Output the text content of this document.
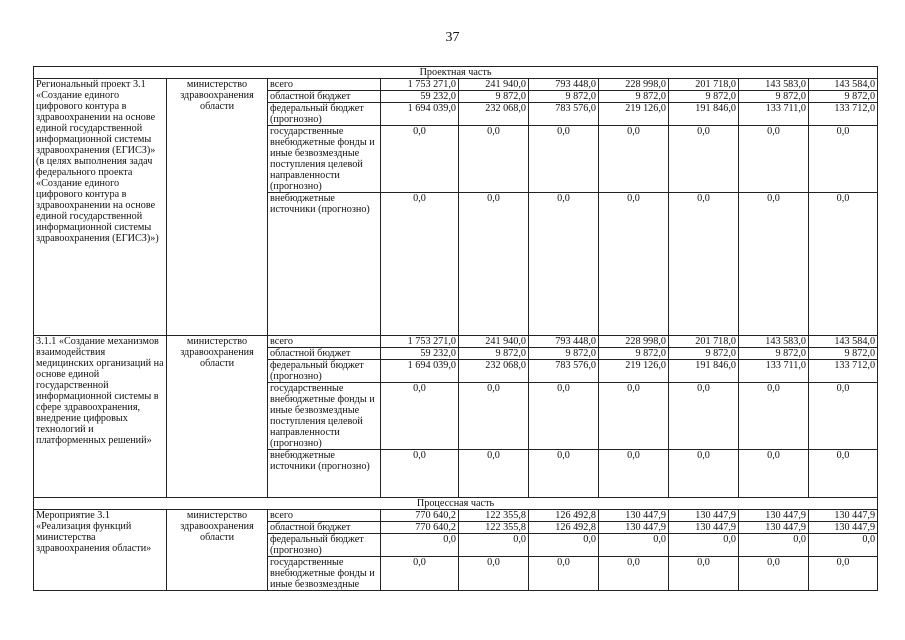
37
Проектная часть									
Региональный проект 3.1 «Создание единого цифрового контура в здравоохранении на основе единой государственной информационной системы здравоохранения (ЕГИСЗ)» (в целях выполнения задач федерального проекта «Создание единого цифрового контура в здравоохранении на основе единой государственной информационной системы здравоохранения (ЕГИСЗ)»)	министерство здравоохранения области	всего	1 753 271,0	241 940,0	793 448,0	228 998,0	201 718,0	143 583,0	143 584,0
		областной бюджет	59 232,0	9 872,0	9 872,0	9 872,0	9 872,0	9 872,0	9 872,0
		федеральный бюджет (прогнозно)	1 694 039,0	232 068,0	783 576,0	219 126,0	191 846,0	133 711,0	133 712,0
		государственные внебюджетные фонды и иные безвозмездные поступления целевой направленности (прогнозно)	0,0	0,0	0,0	0,0	0,0	0,0	0,0
		внебюджетные источники (прогнозно)	0,0	0,0	0,0	0,0	0,0	0,0	0,0
3.1.1 «Создание механизмов взаимодействия медицинских организаций на основе единой государственной информационной системы в сфере здравоохранения, внедрение цифровых технологий и платформенных решений»	министерство здравоохранения области	всего	1 753 271,0	241 940,0	793 448,0	228 998,0	201 718,0	143 583,0	143 584,0
		областной бюджет	59 232,0	9 872,0	9 872,0	9 872,0	9 872,0	9 872,0	9 872,0
		федеральный бюджет (прогнозно)	1 694 039,0	232 068,0	783 576,0	219 126,0	191 846,0	133 711,0	133 712,0
		государственные внебюджетные фонды и иные безвозмездные поступления целевой направленности (прогнозно)	0,0	0,0	0,0	0,0	0,0	0,0	0,0
		внебюджетные источники (прогнозно)	0,0	0,0	0,0	0,0	0,0	0,0	0,0
Процессная часть									
Мероприятие 3.1 «Реализация функций министерства здравоохранения области»	министерство здравоохранения области	всего	770 640,2	122 355,8	126 492,8	130 447,9	130 447,9	130 447,9	130 447,9
		областной бюджет	770 640,2	122 355,8	126 492,8	130 447,9	130 447,9	130 447,9	130 447,9
		федеральный бюджет (прогнозно)	0,0	0,0	0,0	0,0	0,0	0,0	0,0
		государственные внебюджетные фонды и иные безвозмездные	0,0	0,0	0,0	0,0	0,0	0,0	0,0
